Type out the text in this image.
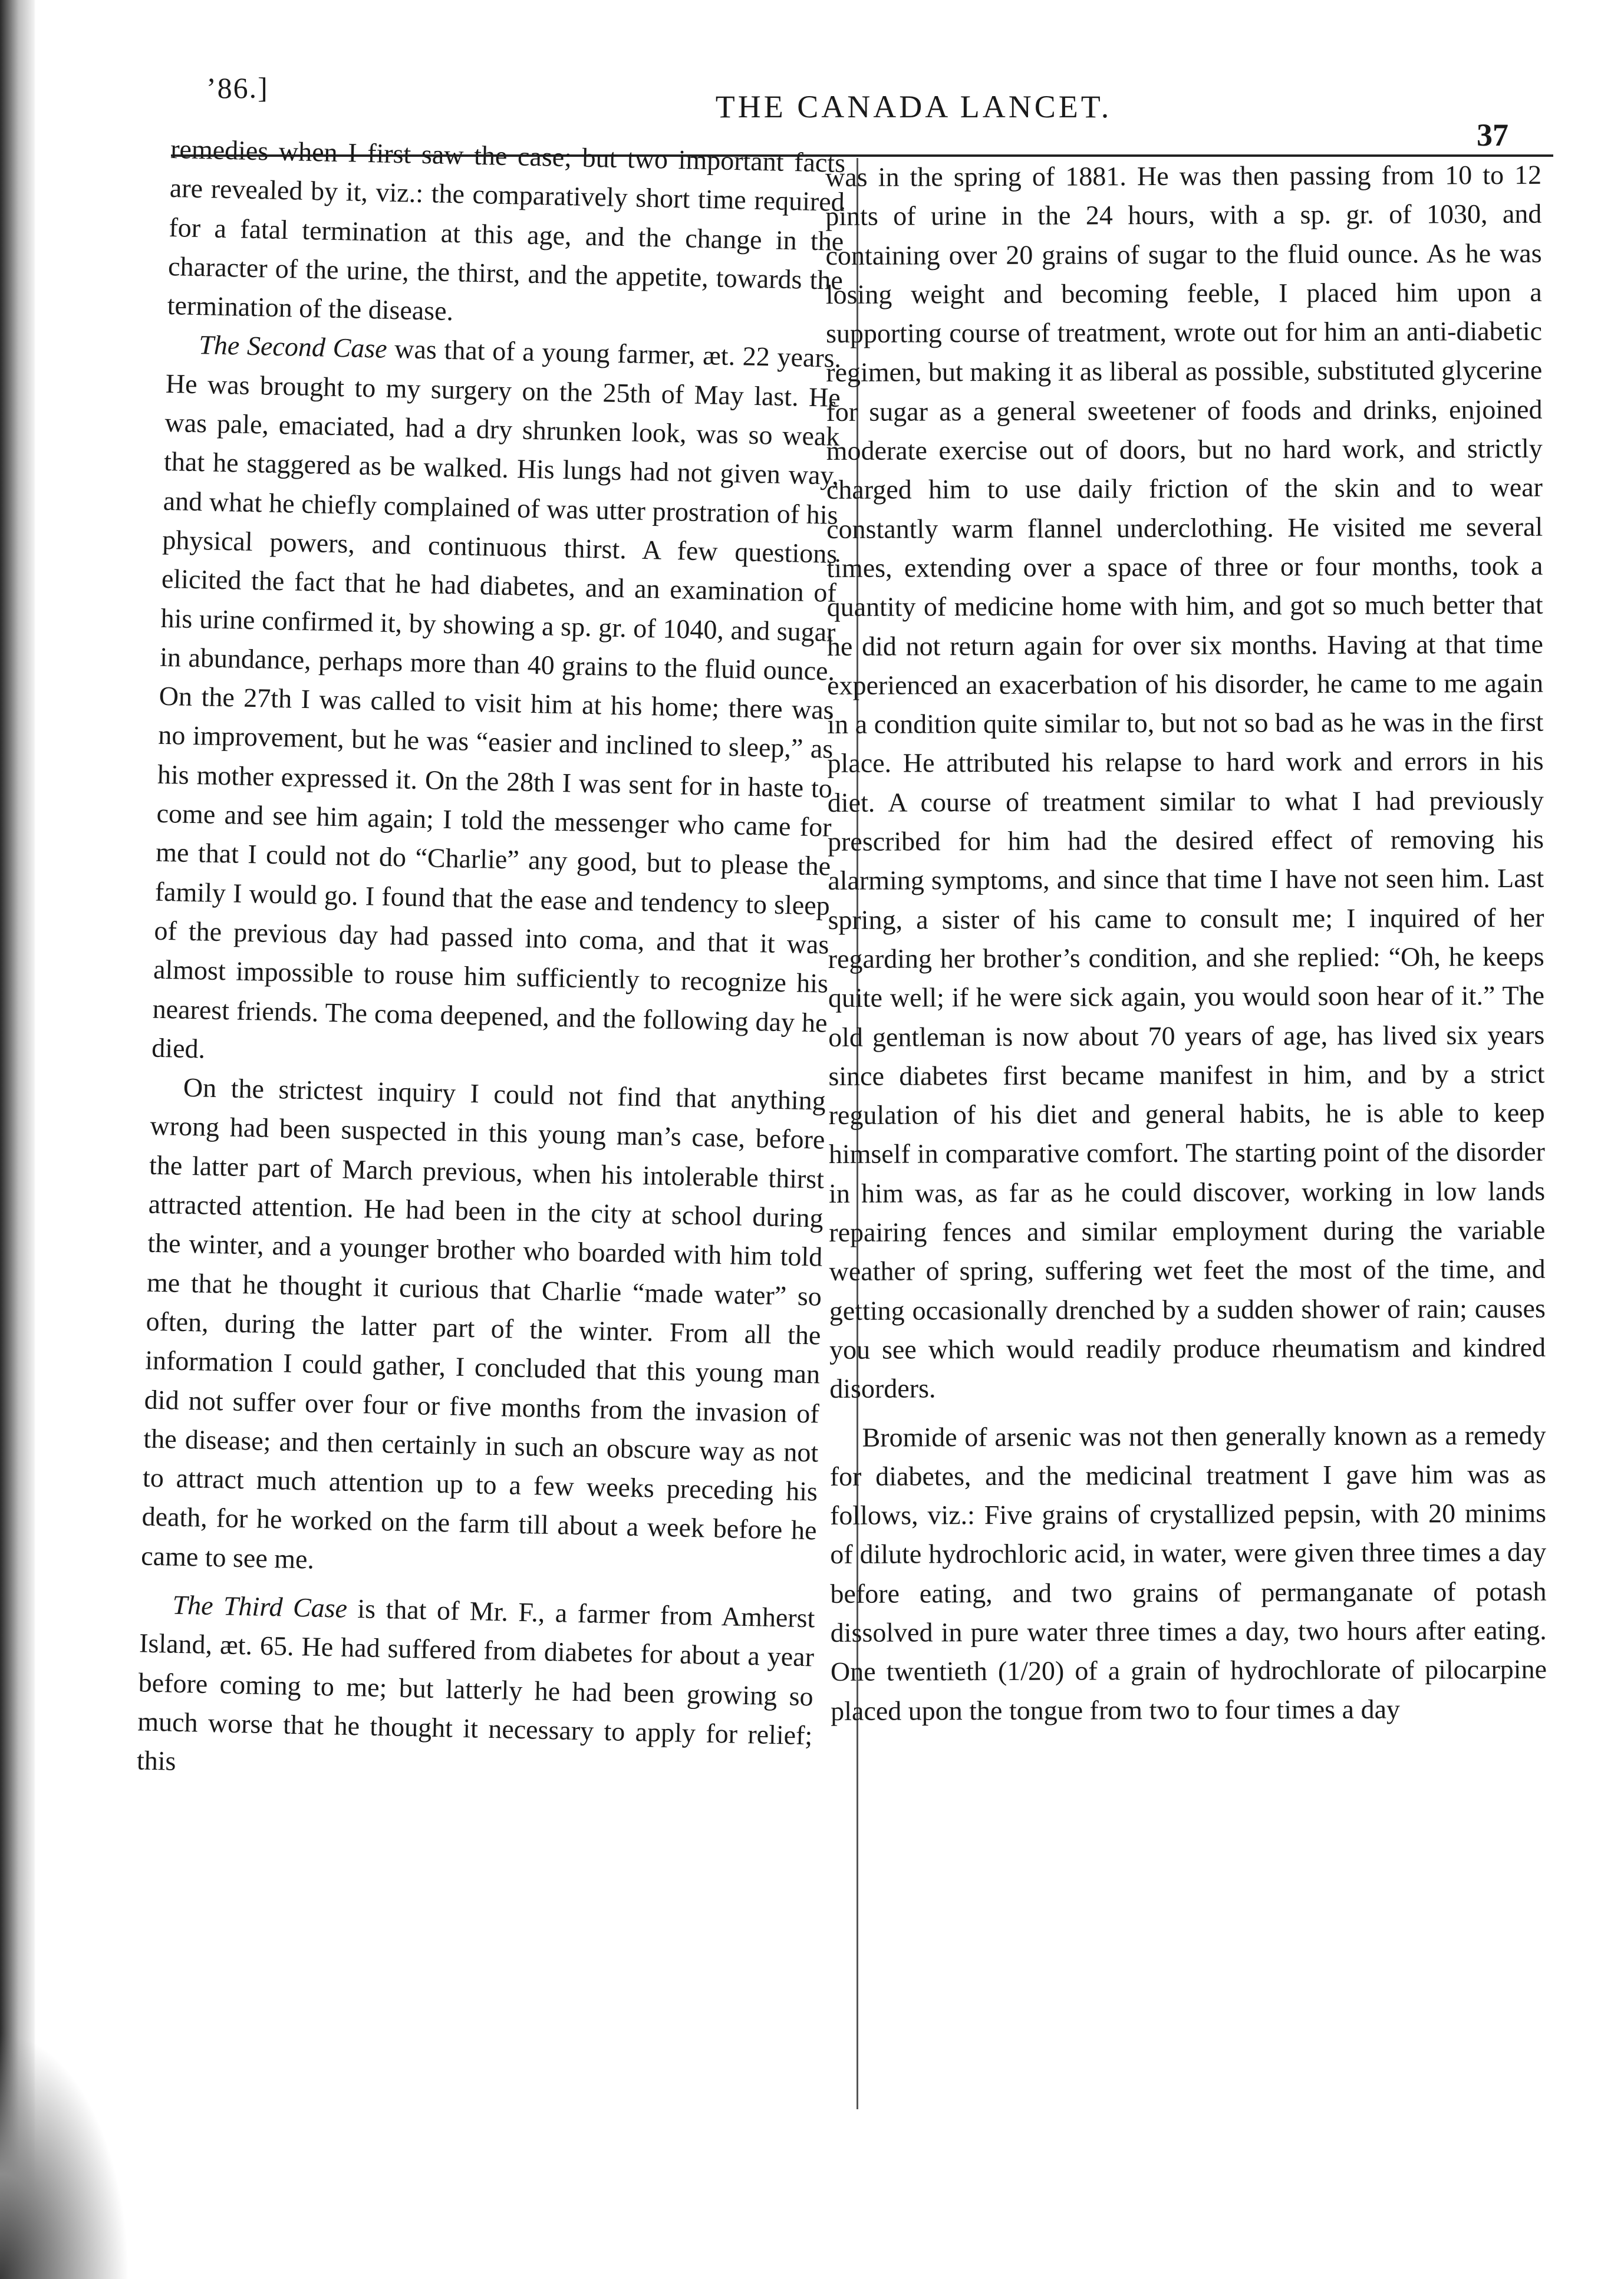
’86.]
THE CANADA LANCET.
37

remedies when I first saw the case; but two important facts are revealed by it, viz.: the comparatively short time required for a fatal termination at this age, and the change in the character of the urine, the thirst, and the appetite, towards the termination of the disease.

The Second Case was that of a young farmer, æt. 22 years. He was brought to my surgery on the 25th of May last. He was pale, emaciated, had a dry shrunken look, was so weak that he staggered as be walked. His lungs had not given way, and what he chiefly complained of was utter prostration of his physical powers, and continuous thirst. A few questions elicited the fact that he had diabetes, and an examination of his urine confirmed it, by showing a sp. gr. of 1040, and sugar in abundance, perhaps more than 40 grains to the fluid ounce. On the 27th I was called to visit him at his home; there was no improvement, but he was “easier and inclined to sleep,” as his mother expressed it. On the 28th I was sent for in haste to come and see him again; I told the messenger who came for me that I could not do “Charlie” any good, but to please the family I would go. I found that the ease and tendency to sleep of the previous day had passed into coma, and that it was almost impossible to rouse him sufficiently to recognize his nearest friends. The coma deepened, and the following day he died.

On the strictest inquiry I could not find that anything wrong had been suspected in this young man’s case, before the latter part of March previous, when his intolerable thirst attracted attention. He had been in the city at school during the winter, and a younger brother who boarded with him told me that he thought it curious that Charlie “made water” so often, during the latter part of the winter. From all the information I could gather, I concluded that this young man did not suffer over four or five months from the invasion of the disease; and then certainly in such an obscure way as not to attract much attention up to a few weeks preceding his death, for he worked on the farm till about a week before he came to see me.

The Third Case is that of Mr. F., a farmer from Amherst Island, æt. 65. He had suffered from diabetes for about a year before coming to me; but latterly he had been growing so much worse that he thought it necessary to apply for relief; this

was in the spring of 1881. He was then passing from 10 to 12 pints of urine in the 24 hours, with a sp. gr. of 1030, and containing over 20 grains of sugar to the fluid ounce. As he was losing weight and becoming feeble, I placed him upon a supporting course of treatment, wrote out for him an anti-diabetic regimen, but making it as liberal as possible, substituted glycerine for sugar as a general sweetener of foods and drinks, enjoined moderate exercise out of doors, but no hard work, and strictly charged him to use daily friction of the skin and to wear constantly warm flannel underclothing. He visited me several times, extending over a space of three or four months, took a quantity of medicine home with him, and got so much better that he did not return again for over six months. Having at that time experienced an exacerbation of his disorder, he came to me again in a condition quite similar to, but not so bad as he was in the first place. He attributed his relapse to hard work and errors in his diet. A course of treatment similar to what I had previously prescribed for him had the desired effect of removing his alarming symptoms, and since that time I have not seen him. Last spring, a sister of his came to consult me; I inquired of her regarding her brother’s condition, and she replied: “Oh, he keeps quite well; if he were sick again, you would soon hear of it.” The old gentleman is now about 70 years of age, has lived six years since diabetes first became manifest in him, and by a strict regulation of his diet and general habits, he is able to keep himself in comparative comfort. The starting point of the disorder in him was, as far as he could discover, working in low lands repairing fences and similar employment during the variable weather of spring, suffering wet feet the most of the time, and getting occasionally drenched by a sudden shower of rain; causes you see which would readily produce rheumatism and kindred disorders.

Bromide of arsenic was not then generally known as a remedy for diabetes, and the medicinal treatment I gave him was as follows, viz.: Five grains of crystallized pepsin, with 20 minims of dilute hydrochloric acid, in water, were given three times a day before eating, and two grains of permanganate of potash dissolved in pure water three times a day, two hours after eating. One twentieth (1/20) of a grain of hydrochlorate of pilocarpine placed upon the tongue from two to four times a day
